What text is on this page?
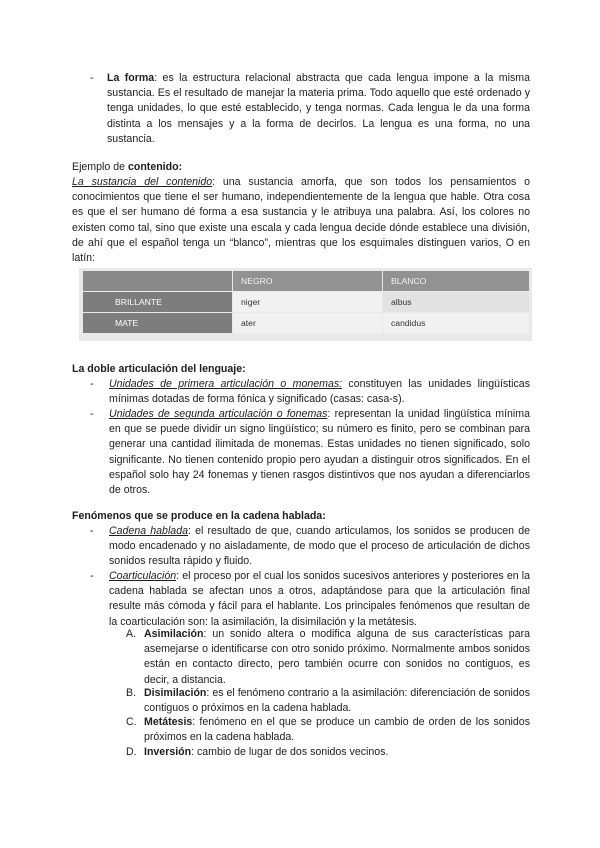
- La forma: es la estructura relacional abstracta que cada lengua impone a la misma sustancia. Es el resultado de manejar la materia prima. Todo aquello que esté ordenado y tenga unidades, lo que esté establecido, y tenga normas. Cada lengua le da una forma distinta a los mensajes y a la forma de decirlos. La lengua es una forma, no una sustancia.
Ejemplo de contenido:
La sustancia del contenido: una sustancia amorfa, que son todos los pensamientos o conocimientos que tiene el ser humano, independientemente de la lengua que hable. Otra cosa es que el ser humano dé forma a esa sustancia y le atribuya una palabra. Así, los colores no existen como tal, sino que existe una escala y cada lengua decide dónde establece una división, de ahí que el español tenga un “blanco”, mientras que los esquimales distinguen varios, O en latín:
	NEGRO	BLANCO
BRILLANTE	niger	albus
MATE	ater	candidus
La doble articulación del lenguaje:
- Unidades de primera articulación o monemas: constituyen las unidades lingüísticas mínimas dotadas de forma fónica y significado (casas: casa-s).
- Unidades de segunda articulación o fonemas: representan la unidad lingüística mínima en que se puede dividir un signo lingüístico; su número es finito, pero se combinan para generar una cantidad ilimitada de monemas. Estas unidades no tienen significado, solo significante. No tienen contenido propio pero ayudan a distinguir otros significados. En el español solo hay 24 fonemas y tienen rasgos distintivos que nos ayudan a diferenciarlos de otros.
Fenómenos que se produce en la cadena hablada:
- Cadena hablada: el resultado de que, cuando articulamos, los sonidos se producen de modo encadenado y no aisladamente, de modo que el proceso de articulación de dichos sonidos resulta rápido y fluido.
- Coarticulación: el proceso por el cual los sonidos sucesivos anteriores y posteriores en la cadena hablada se afectan unos a otros, adaptándose para que la articulación final resulte más cómoda y fácil para el hablante. Los principales fenómenos que resultan de la coarticulación son: la asimilación, la disimilación y la metátesis.
A. Asimilación: un sonido altera o modifica alguna de sus características para asemejarse o identificarse con otro sonido próximo. Normalmente ambos sonidos están en contacto directo, pero también ocurre con sonidos no contiguos, es decir, a distancia.
B. Disimilación: es el fenómeno contrario a la asimilación: diferenciación de sonidos contiguos o próximos en la cadena hablada.
C. Metátesis: fenómeno en el que se produce un cambio de orden de los sonidos próximos en la cadena hablada.
D. Inversión: cambio de lugar de dos sonidos vecinos.
